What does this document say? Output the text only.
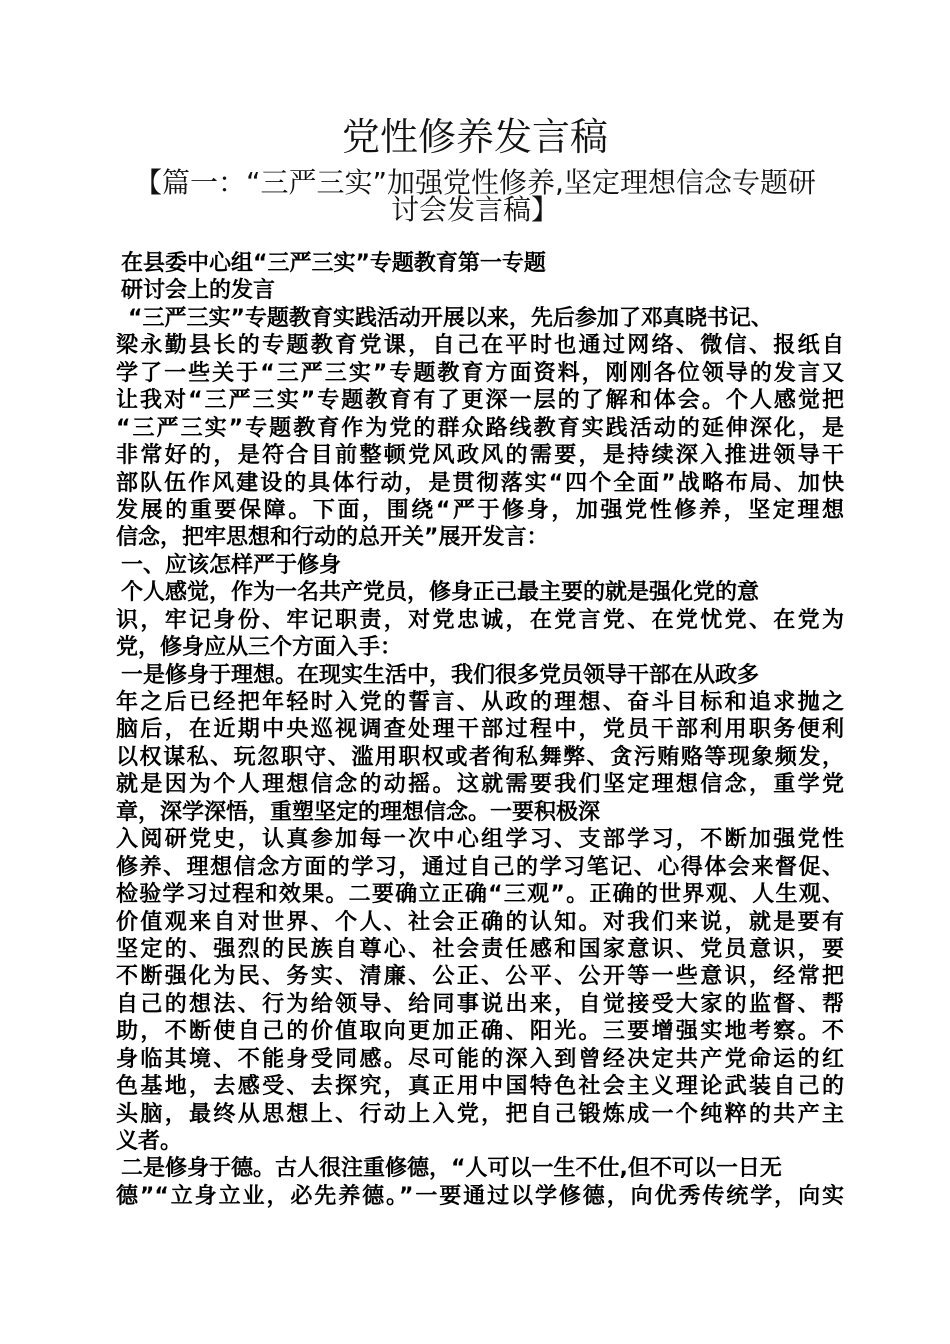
党性修养发言稿
【篇一：“三严三实”加强党性修养,坚定理想信念专题研
讨会发言稿】
在县委中心组“三严三实”专题教育第一专题
研讨会上的发言
“三严三实”专题教育实践活动开展以来，先后参加了邓真晓书记、
梁永勤县长的专题教育党课，自己在平时也通过网络、微信、报纸自
学了一些关于“三严三实”专题教育方面资料，刚刚各位领导的发言又
让我对“三严三实”专题教育有了更深一层的了解和体会。个人感觉把
“三严三实”专题教育作为党的群众路线教育实践活动的延伸深化，是
非常好的，是符合目前整顿党风政风的需要，是持续深入推进领导干
部队伍作风建设的具体行动，是贯彻落实“四个全面”战略布局、加快
发展的重要保障。下面，围绕“严于修身，加强党性修养，坚定理想
信念，把牢思想和行动的总开关”展开发言：
一、应该怎样严于修身
个人感觉，作为一名共产党员，修身正己最主要的就是强化党的意
识，牢记身份、牢记职责，对党忠诚，在党言党、在党忧党、在党为
党，修身应从三个方面入手：
一是修身于理想。在现实生活中，我们很多党员领导干部在从政多
年之后已经把年轻时入党的誓言、从政的理想、奋斗目标和追求抛之
脑后，在近期中央巡视调查处理干部过程中，党员干部利用职务便利
以权谋私、玩忽职守、滥用职权或者徇私舞弊、贪污贿赂等现象频发，
就是因为个人理想信念的动摇。这就需要我们坚定理想信念，重学党
章，深学深悟，重塑坚定的理想信念。一要积极深
入阅研党史，认真参加每一次中心组学习、支部学习，不断加强党性
修养、理想信念方面的学习，通过自己的学习笔记、心得体会来督促、
检验学习过程和效果。二要确立正确“三观”。正确的世界观、人生观、
价值观来自对世界、个人、社会正确的认知。对我们来说，就是要有
坚定的、强烈的民族自尊心、社会责任感和国家意识、党员意识，要
不断强化为民、务实、清廉、公正、公平、公开等一些意识，经常把
自己的想法、行为给领导、给同事说出来，自觉接受大家的监督、帮
助，不断使自己的价值取向更加正确、阳光。三要增强实地考察。不
身临其境、不能身受同感。尽可能的深入到曾经决定共产党命运的红
色基地，去感受、去探究，真正用中国特色社会主义理论武装自己的
头脑，最终从思想上、行动上入党，把自己锻炼成一个纯粹的共产主
义者。
二是修身于德。古人很注重修德，“人可以一生不仕,但不可以一日无
德”“立身立业，必先养德。”一要通过以学修德，向优秀传统学，向实
